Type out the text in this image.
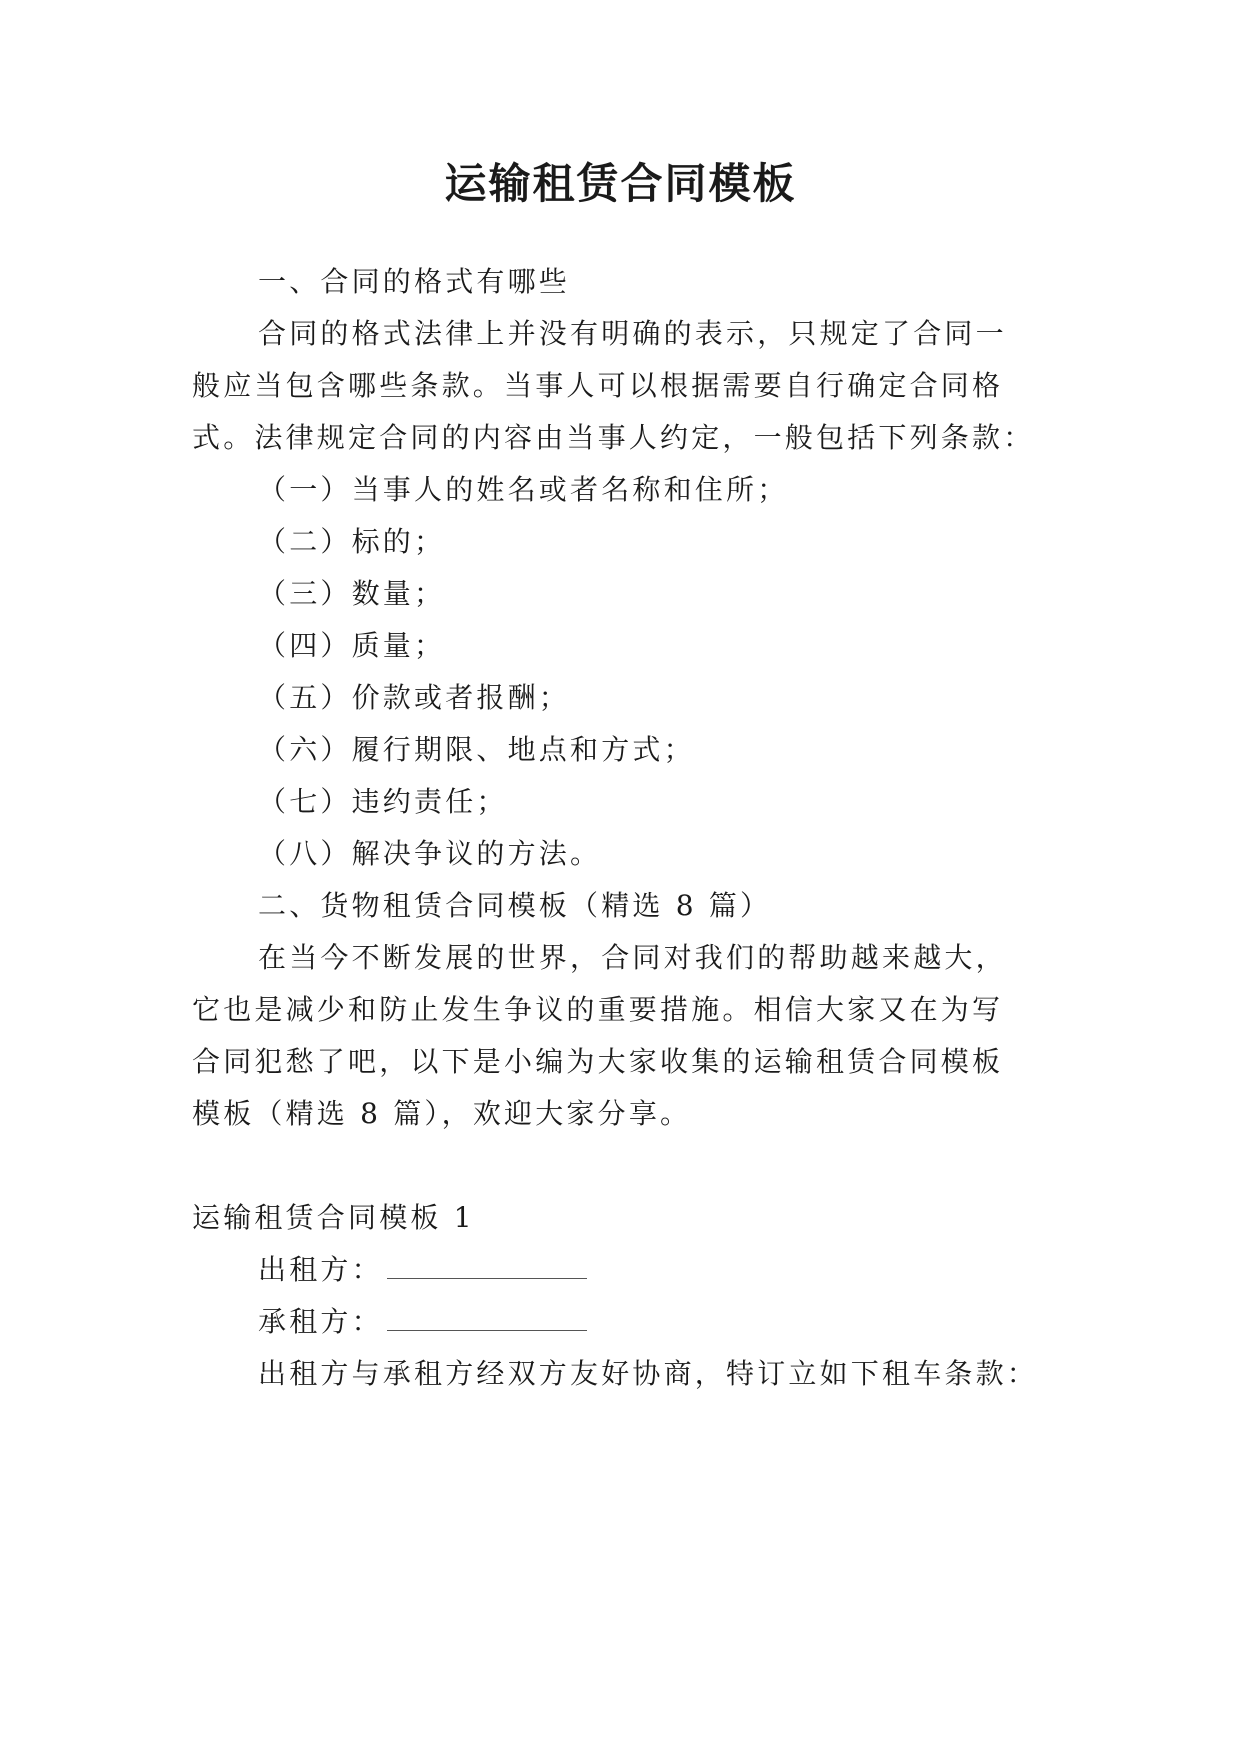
运输租赁合同模板
一、合同的格式有哪些
合同的格式法律上并没有明确的表示，只规定了合同一
般应当包含哪些条款。当事人可以根据需要自行确定合同格
式。法律规定合同的内容由当事人约定，一般包括下列条款：
（一）当事人的姓名或者名称和住所；
（二）标的；
（三）数量；
（四）质量；
（五）价款或者报酬；
（六）履行期限、地点和方式；
（七）违约责任；
（八）解决争议的方法。
二、货物租赁合同模板（精选 8 篇）
在当今不断发展的世界，合同对我们的帮助越来越大，
它也是减少和防止发生争议的重要措施。相信大家又在为写
合同犯愁了吧，以下是小编为大家收集的运输租赁合同模板
模板（精选 8 篇），欢迎大家分享。
运输租赁合同模板 1
出租方：
承租方：
出租方与承租方经双方友好协商，特订立如下租车条款：
